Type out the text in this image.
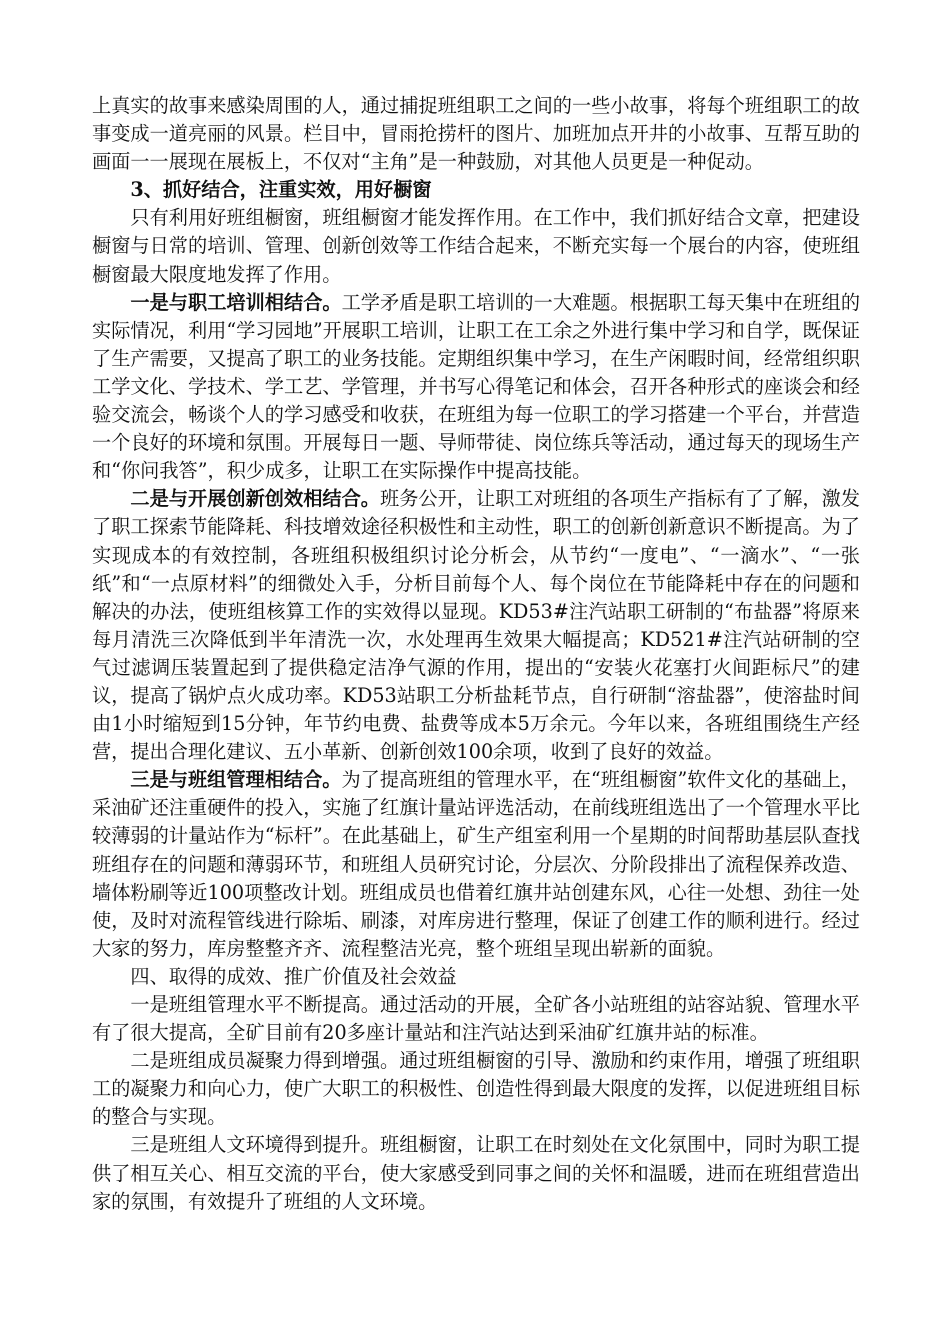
上真实的故事来感染周围的人，通过捕捉班组职工之间的一些小故事，将每个班组职工的故事变成一道亮丽的风景。栏目中，冒雨抢捞杆的图片、加班加点开井的小故事、互帮互助的画面一一展现在展板上，不仅对“主角”是一种鼓励，对其他人员更是一种促动。

3、抓好结合，注重实效，用好橱窗

只有利用好班组橱窗，班组橱窗才能发挥作用。在工作中，我们抓好结合文章，把建设橱窗与日常的培训、管理、创新创效等工作结合起来，不断充实每一个展台的内容，使班组橱窗最大限度地发挥了作用。

一是与职工培训相结合。工学矛盾是职工培训的一大难题。根据职工每天集中在班组的实际情况，利用“学习园地”开展职工培训，让职工在工余之外进行集中学习和自学，既保证了生产需要，又提高了职工的业务技能。定期组织集中学习，在生产闲暇时间，经常组织职工学文化、学技术、学工艺、学管理，并书写心得笔记和体会，召开各种形式的座谈会和经验交流会，畅谈个人的学习感受和收获，在班组为每一位职工的学习搭建一个平台，并营造一个良好的环境和氛围。开展每日一题、导师带徒、岗位练兵等活动，通过每天的现场生产和“你问我答”，积少成多，让职工在实际操作中提高技能。

二是与开展创新创效相结合。班务公开，让职工对班组的各项生产指标有了了解，激发了职工探索节能降耗、科技增效途径积极性和主动性，职工的创新创新意识不断提高。为了实现成本的有效控制，各班组积极组织讨论分析会，从节约“一度电”、“一滴水”、“一张纸”和“一点原材料”的细微处入手，分析目前每个人、每个岗位在节能降耗中存在的问题和解决的办法，使班组核算工作的实效得以显现。KD53#注汽站职工研制的“布盐器”将原来每月清洗三次降低到半年清洗一次，水处理再生效果大幅提高；KD521#注汽站研制的空气过滤调压装置起到了提供稳定洁净气源的作用，提出的“安装火花塞打火间距标尺”的建议，提高了锅炉点火成功率。KD53站职工分析盐耗节点，自行研制“溶盐器”，使溶盐时间由1小时缩短到15分钟，年节约电费、盐费等成本5万余元。今年以来，各班组围绕生产经营，提出合理化建议、五小革新、创新创效100余项，收到了良好的效益。

三是与班组管理相结合。为了提高班组的管理水平，在“班组橱窗”软件文化的基础上，采油矿还注重硬件的投入，实施了红旗计量站评选活动，在前线班组选出了一个管理水平比较薄弱的计量站作为“标杆”。在此基础上，矿生产组室利用一个星期的时间帮助基层队查找班组存在的问题和薄弱环节，和班组人员研究讨论，分层次、分阶段排出了流程保养改造、墙体粉刷等近100项整改计划。班组成员也借着红旗井站创建东风，心往一处想、劲往一处使，及时对流程管线进行除垢、刷漆，对库房进行整理，保证了创建工作的顺利进行。经过大家的努力，库房整整齐齐、流程整洁光亮，整个班组呈现出崭新的面貌。

四、取得的成效、推广价值及社会效益

一是班组管理水平不断提高。通过活动的开展，全矿各小站班组的站容站貌、管理水平有了很大提高，全矿目前有20多座计量站和注汽站达到采油矿红旗井站的标准。

二是班组成员凝聚力得到增强。通过班组橱窗的引导、激励和约束作用，增强了班组职工的凝聚力和向心力，使广大职工的积极性、创造性得到最大限度的发挥，以促进班组目标的整合与实现。

三是班组人文环境得到提升。班组橱窗，让职工在时刻处在文化氛围中，同时为职工提供了相互关心、相互交流的平台，使大家感受到同事之间的关怀和温暖，进而在班组营造出家的氛围，有效提升了班组的人文环境。
